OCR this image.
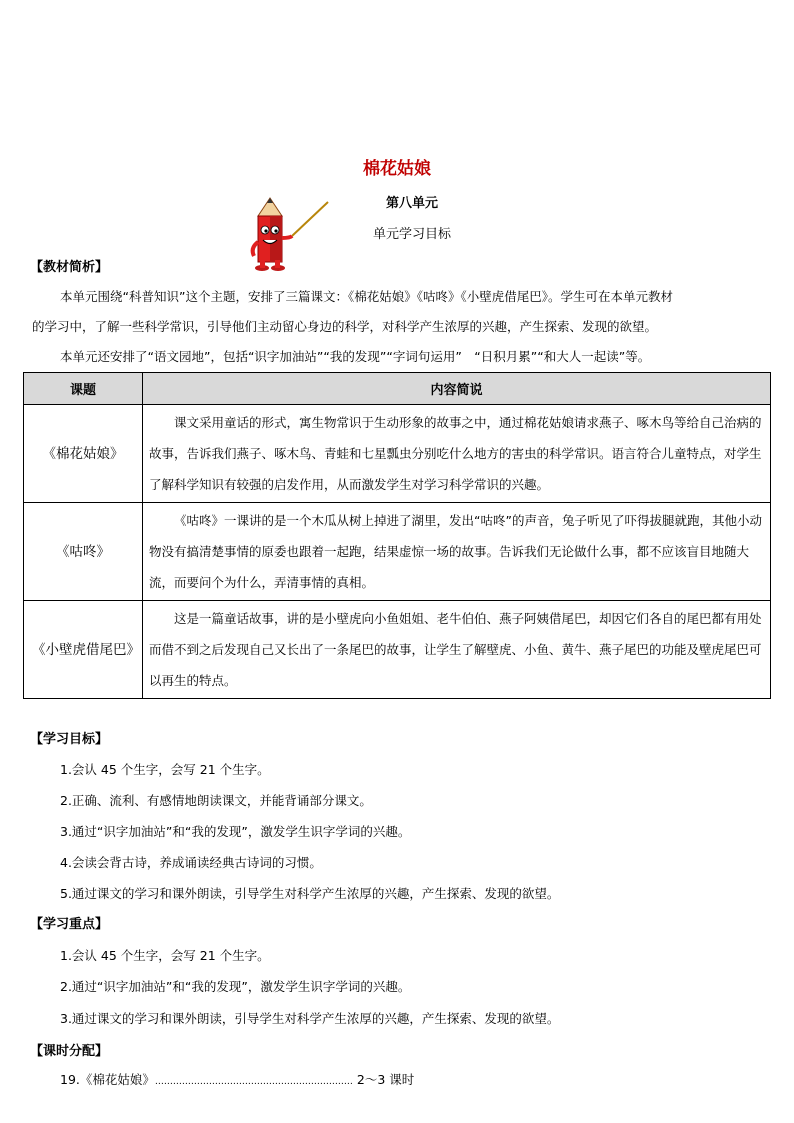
棉花姑娘
第八单元
单元学习目标
【教材简析】
本单元围绕“科普知识”这个主题，安排了三篇课文：《棉花姑娘》《咕咚》《小壁虎借尾巴》。学生可在本单元教材
的学习中，了解一些科学常识，引导他们主动留心身边的科学，对科学产生浓厚的兴趣，产生探索、发现的欲望。
本单元还安排了“语文园地”，包括“识字加油站”“我的发现”“字词句运用”　“日积月累”“和大人一起读”等。
课题	内容简说
《棉花姑娘》	课文采用童话的形式，寓生物常识于生动形象的故事之中，通过棉花姑娘请求燕子、啄木鸟等给自己治病的故事，告诉我们燕子、啄木鸟、青蛙和七星瓢虫分别吃什么地方的害虫的科学常识。语言符合儿童特点，对学生了解科学知识有较强的启发作用，从而激发学生对学习科学常识的兴趣。
《咕咚》	《咕咚》一课讲的是一个木瓜从树上掉进了湖里，发出“咕咚”的声音，兔子听见了吓得拔腿就跑，其他小动物没有搞清楚事情的原委也跟着一起跑，结果虚惊一场的故事。告诉我们无论做什么事，都不应该盲目地随大流，而要问个为什么，弄清事情的真相。
《小壁虎借尾巴》	这是一篇童话故事，讲的是小壁虎向小鱼姐姐、老牛伯伯、燕子阿姨借尾巴，却因它们各自的尾巴都有用处而借不到之后发现自己又长出了一条尾巴的故事，让学生了解壁虎、小鱼、黄牛、燕子尾巴的功能及壁虎尾巴可以再生的特点。
【学习目标】
1.会认 45 个生字，会写 21 个生字。
2.正确、流利、有感情地朗读课文，并能背诵部分课文。
3.通过“识字加油站”和“我的发现”，激发学生识字学词的兴趣。
4.会读会背古诗，养成诵读经典古诗词的习惯。
5.通过课文的学习和课外朗读，引导学生对科学产生浓厚的兴趣，产生探索、发现的欲望。
【学习重点】
1.会认 45 个生字，会写 21 个生字。
2.通过“识字加油站”和“我的发现”，激发学生识字学词的兴趣。
3.通过课文的学习和课外朗读，引导学生对科学产生浓厚的兴趣，产生探索、发现的欲望。
【课时分配】
19.《棉花姑娘》………………………………………………………… 2～3 课时
